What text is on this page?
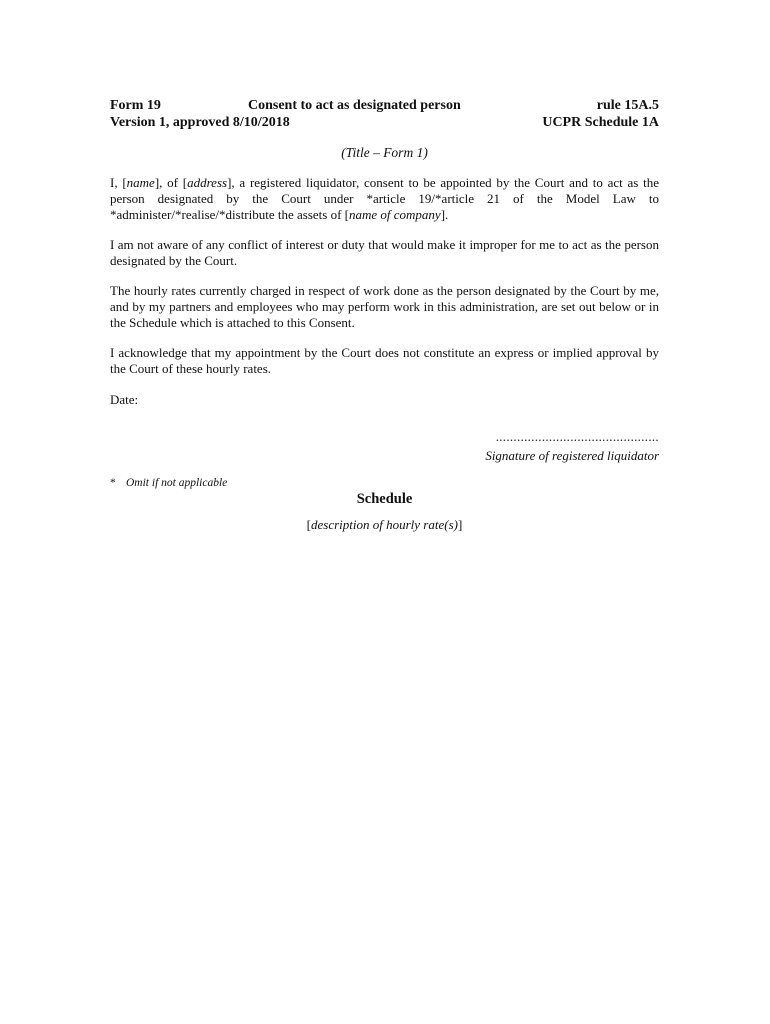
Form 19	Consent to act as designated person	rule 15A.5
Version 1, approved 8/10/2018	UCPR Schedule 1A
(Title – Form 1)

I, [name], of [address], a registered liquidator, consent to be appointed by the Court and to act as the person designated by the Court under *article 19/*article 21 of the Model Law to *administer/*realise/*distribute the assets of [name of company].

I am not aware of any conflict of interest or duty that would make it improper for me to act as the person designated by the Court.

The hourly rates currently charged in respect of work done as the person designated by the Court by me, and by my partners and employees who may perform work in this administration, are set out below or in the Schedule which is attached to this Consent.

I acknowledge that my appointment by the Court does not constitute an express or implied approval by the Court of these hourly rates.

Date:
..............................................
Signature of registered liquidator
* Omit if not applicable
Schedule
[description of hourly rate(s)]
